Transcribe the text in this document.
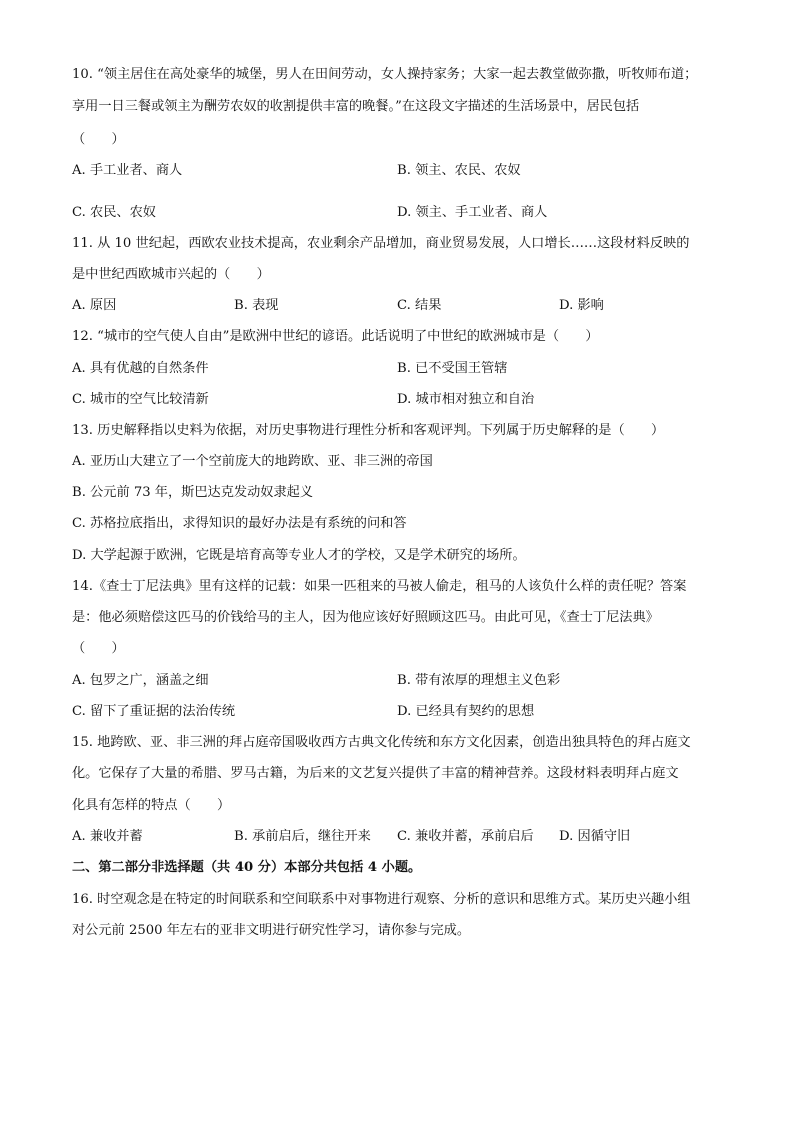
10. “领主居住在高处豪华的城堡，男人在田间劳动，女人操持家务；大家一起去教堂做弥撒，听牧师布道；
享用一日三餐或领主为酬劳农奴的收割提供丰富的晚餐。”在这段文字描述的生活场景中，居民包括
（　　）
A. 手工业者、商人	B. 领主、农民、农奴
C. 农民、农奴	D. 领主、手工业者、商人
11. 从 10 世纪起，西欧农业技术提高，农业剩余产品增加，商业贸易发展，人口增长……这段材料反映的
是中世纪西欧城市兴起的（　　）
A. 原因	B. 表现	C. 结果	D. 影响
12. “城市的空气使人自由”是欧洲中世纪的谚语。此话说明了中世纪的欧洲城市是（　　）
A. 具有优越的自然条件	B. 已不受国王管辖
C. 城市的空气比较清新	D. 城市相对独立和自治
13. 历史解释指以史料为依据，对历史事物进行理性分析和客观评判。下列属于历史解释的是（　　）
A. 亚历山大建立了一个空前庞大的地跨欧、亚、非三洲的帝国
B. 公元前 73 年，斯巴达克发动奴隶起义
C. 苏格拉底指出，求得知识的最好办法是有系统的问和答
D. 大学起源于欧洲，它既是培育高等专业人才的学校，又是学术研究的场所。
14.《查士丁尼法典》里有这样的记载：如果一匹租来的马被人偷走，租马的人该负什么样的责任呢？答案
是：他必须赔偿这匹马的价钱给马的主人，因为他应该好好照顾这匹马。由此可见，《查士丁尼法典》
（　　）
A. 包罗之广，涵盖之细	B. 带有浓厚的理想主义色彩
C. 留下了重证据的法治传统	D. 已经具有契约的思想
15. 地跨欧、亚、非三洲的拜占庭帝国吸收西方古典文化传统和东方文化因素，创造出独具特色的拜占庭文
化。它保存了大量的希腊、罗马古籍，为后来的文艺复兴提供了丰富的精神营养。这段材料表明拜占庭文
化具有怎样的特点（　　）
A. 兼收并蓄	B. 承前启后，继往开来 C. 兼收并蓄，承前启后 D. 因循守旧
二、第二部分非选择题（共 40 分）本部分共包括 4 小题。
16. 时空观念是在特定的时间联系和空间联系中对事物进行观察、分析的意识和思维方式。某历史兴趣小组
对公元前 2500 年左右的亚非文明进行研究性学习，请你参与完成。
